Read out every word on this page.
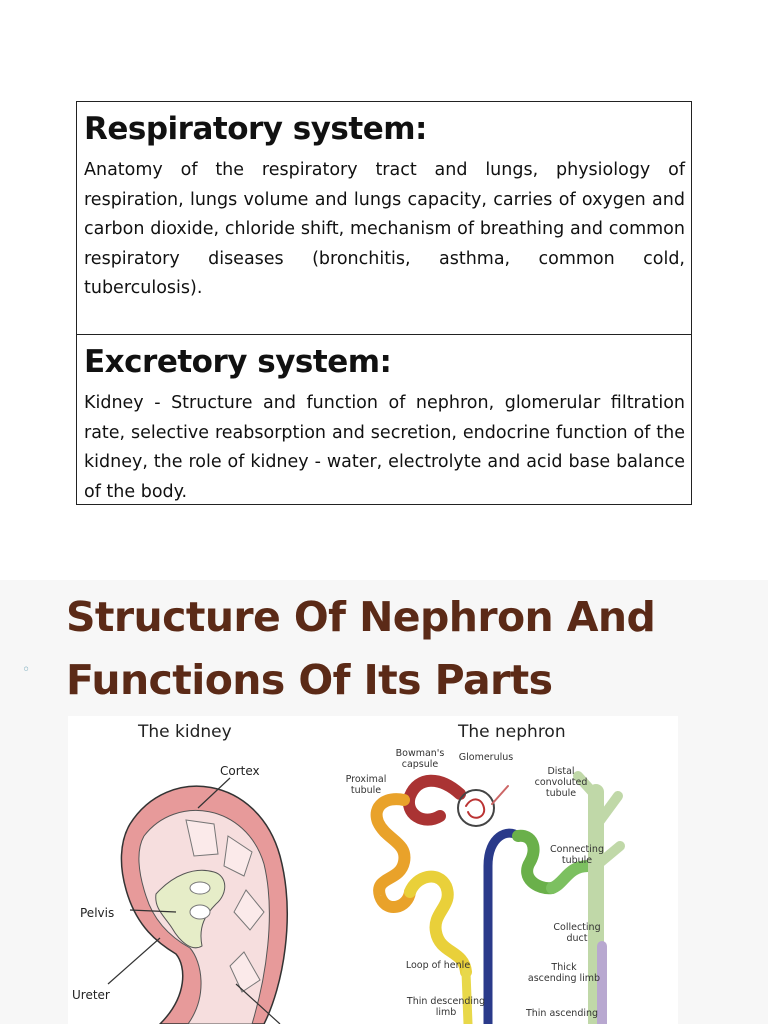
Respiratory system:

Anatomy of the respiratory tract and lungs, physiology of respiration, lungs volume and lungs capacity, carries of oxygen and carbon dioxide, chloride shift, mechanism of breathing and common respiratory diseases (bronchitis, asthma, common cold, tuberculosis).

Excretory system:

Kidney - Structure and function of nephron, glomerular filtration rate, selective reabsorption and secretion, endocrine function of the kidney, the role of kidney - water, electrolyte and acid base balance of the body.

◦
Structure Of Nephron And
Functions Of Its Parts
The kidney	The nephron
Cortex
Pelvis
Ureter
Bowman's
capsule
Glomerulus
Proximal
tubule
Distal
convoluted
tubule
Connecting
tubule
Collecting
duct
Loop of henle	Thick
ascending limb
Thin descending
limb	Thin ascending
